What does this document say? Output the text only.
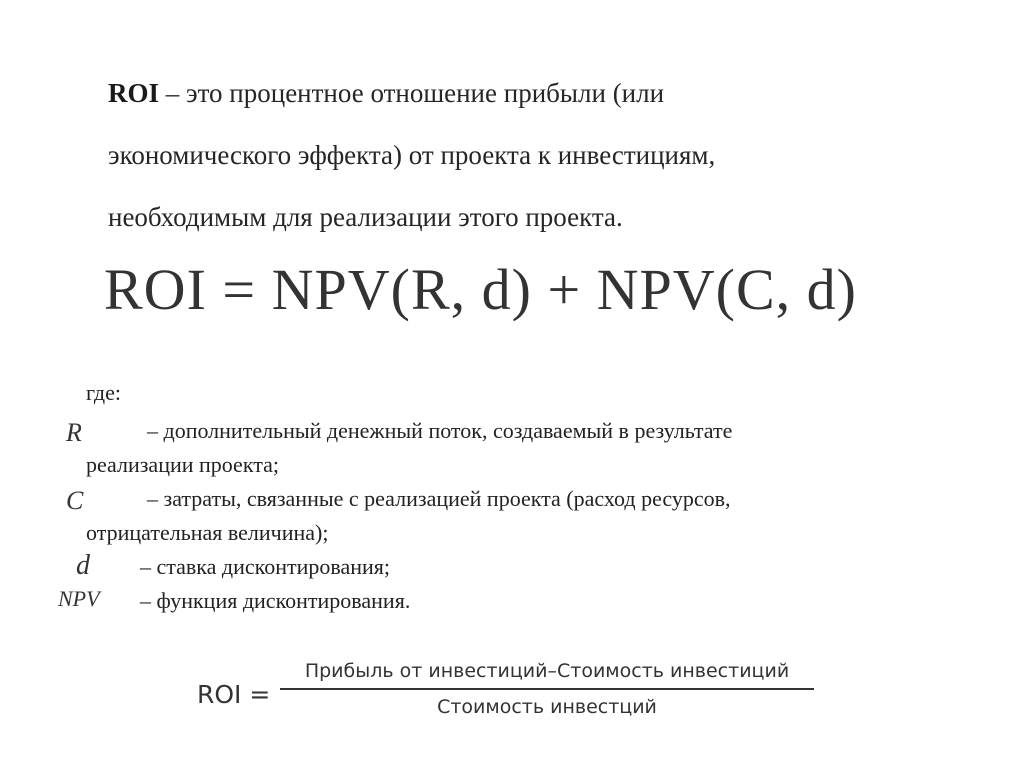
ROI – это процентное отношение прибыли (или
экономического эффекта) от проекта к инвестициям,
необходимым для реализации этого проекта.
ROI = NPV(R, d) + NPV(C, d)
где:
R	– дополнительный денежный поток, создаваемый в результате
реализации проекта;
C	– затраты, связанные с реализацией проекта (расход ресурсов,
отрицательная величина);
d – ставка дисконтирования;
NPV – функция дисконтирования.
ROI =
Прибыль от инвестиций–Стоимость инвестиций
Стоимость инвестций
